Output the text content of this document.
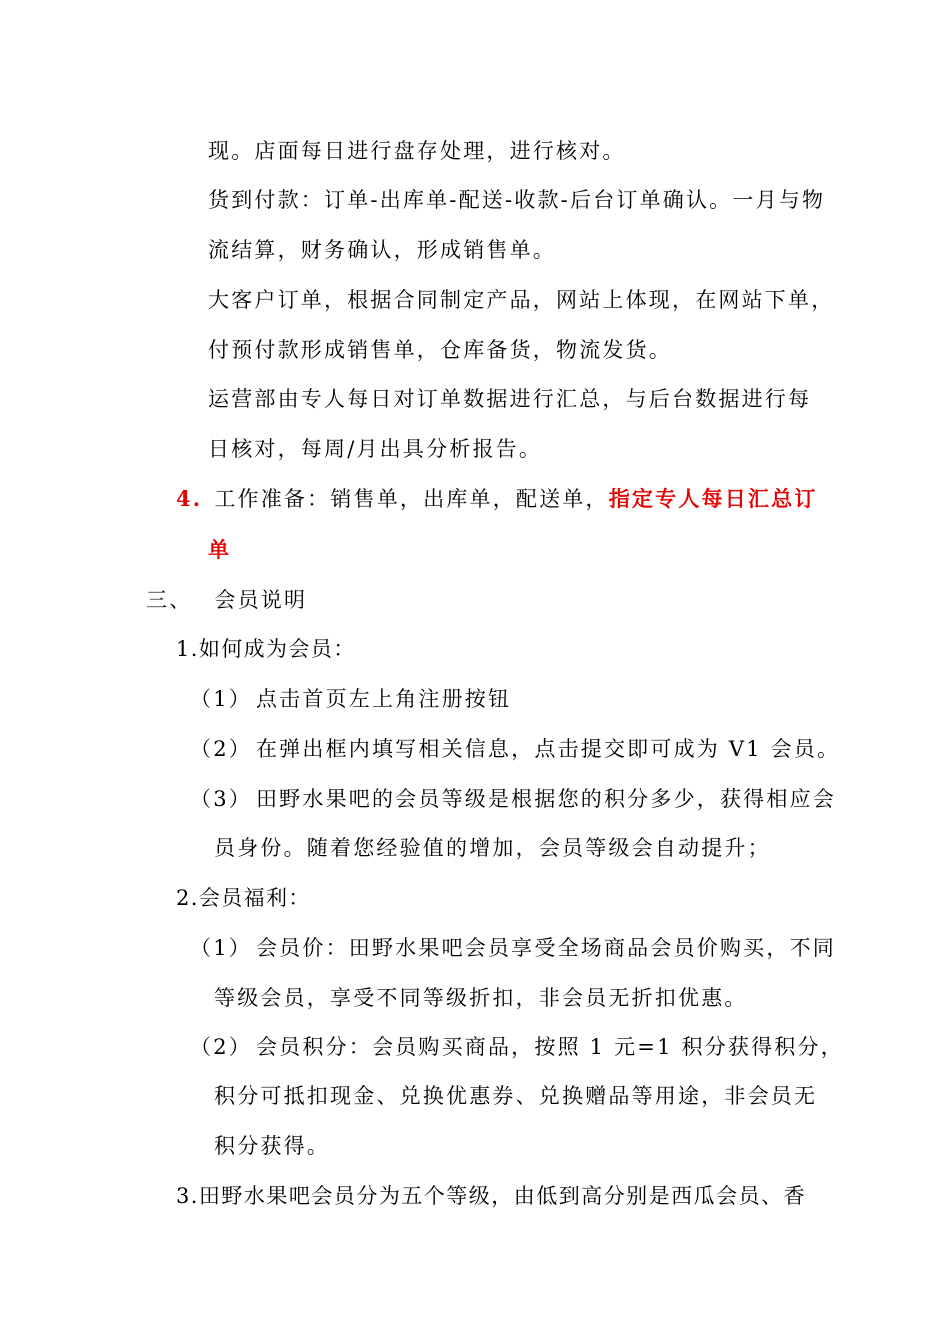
现。店面每日进行盘存处理，进行核对。
货到付款：订单-出库单-配送-收款-后台订单确认。一月与物
流结算，财务确认，形成销售单。
大客户订单，根据合同制定产品，网站上体现，在网站下单，
付预付款形成销售单，仓库备货，物流发货。
运营部由专人每日对订单数据进行汇总，与后台数据进行每
日核对，每周/月出具分析报告。
4. 工作准备：销售单，出库单，配送单，指定专人每日汇总订
单
三、 会员说明
1.如何成为会员：
（1） 点击首页左上角注册按钮
（2） 在弹出框内填写相关信息，点击提交即可成为 V1 会员。
（3） 田野水果吧的会员等级是根据您的积分多少，获得相应会
员身份。随着您经验值的增加，会员等级会自动提升；
2.会员福利：
（1） 会员价：田野水果吧会员享受全场商品会员价购买，不同
等级会员，享受不同等级折扣，非会员无折扣优惠。
（2） 会员积分：会员购买商品，按照 1 元=1 积分获得积分，
积分可抵扣现金、兑换优惠券、兑换赠品等用途，非会员无
积分获得。
3.田野水果吧会员分为五个等级，由低到高分别是西瓜会员、香
